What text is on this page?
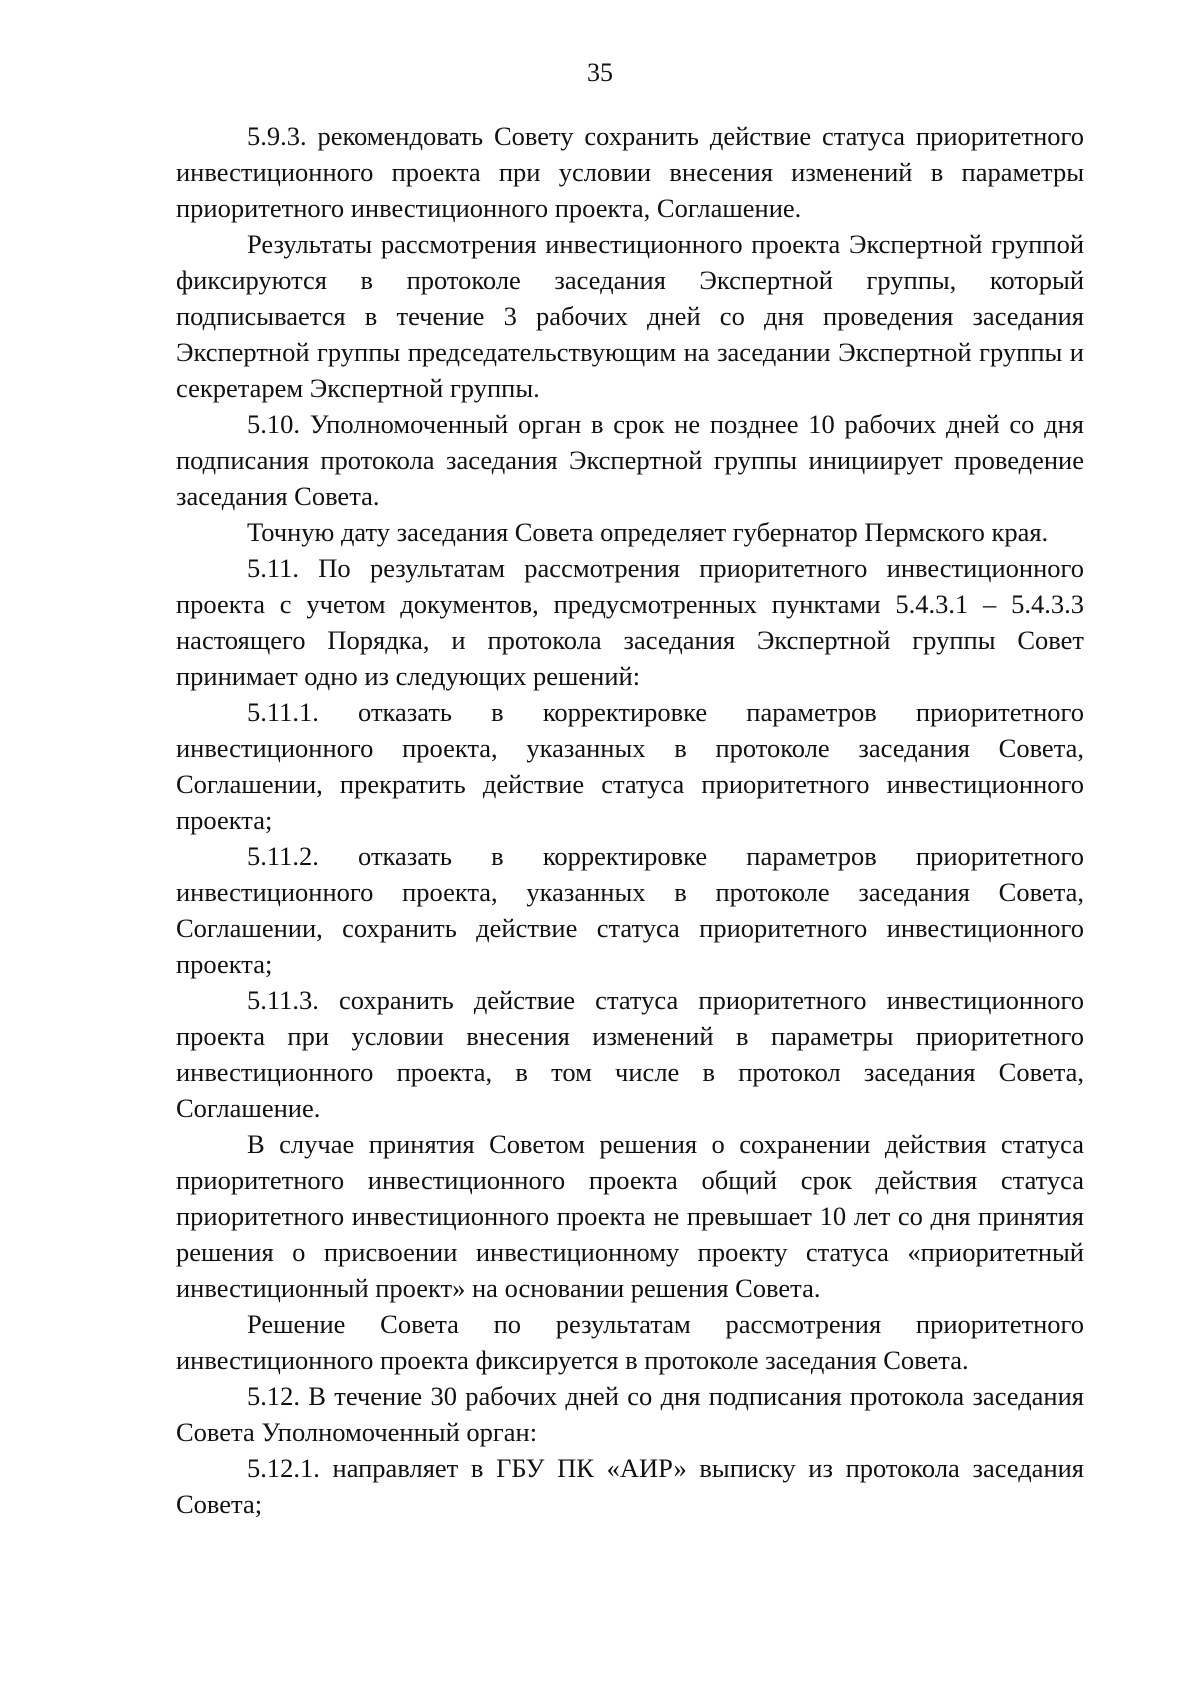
35

5.9.3. рекомендовать Совету сохранить действие статуса приоритетного инвестиционного проекта при условии внесения изменений в параметры приоритетного инвестиционного проекта, Соглашение.

Результаты рассмотрения инвестиционного проекта Экспертной группой фиксируются в протоколе заседания Экспертной группы, который подписывается в течение 3 рабочих дней со дня проведения заседания Экспертной группы председательствующим на заседании Экспертной группы и секретарем Экспертной группы.

5.10. Уполномоченный орган в срок не позднее 10 рабочих дней со дня подписания протокола заседания Экспертной группы инициирует проведение заседания Совета.

Точную дату заседания Совета определяет губернатор Пермского края.

5.11. По результатам рассмотрения приоритетного инвестиционного проекта с учетом документов, предусмотренных пунктами 5.4.3.1 – 5.4.3.3 настоящего Порядка, и протокола заседания Экспертной группы Совет принимает одно из следующих решений:

5.11.1. отказать в корректировке параметров приоритетного инвестиционного проекта, указанных в протоколе заседания Совета, Соглашении, прекратить действие статуса приоритетного инвестиционного проекта;

5.11.2. отказать в корректировке параметров приоритетного инвестиционного проекта, указанных в протоколе заседания Совета, Соглашении, сохранить действие статуса приоритетного инвестиционного проекта;

5.11.3. сохранить действие статуса приоритетного инвестиционного проекта при условии внесения изменений в параметры приоритетного инвестиционного проекта, в том числе в протокол заседания Совета, Соглашение.

В случае принятия Советом решения о сохранении действия статуса приоритетного инвестиционного проекта общий срок действия статуса приоритетного инвестиционного проекта не превышает 10 лет со дня принятия решения о присвоении инвестиционному проекту статуса «приоритетный инвестиционный проект» на основании решения Совета.

Решение Совета по результатам рассмотрения приоритетного инвестиционного проекта фиксируется в протоколе заседания Совета.

5.12. В течение 30 рабочих дней со дня подписания протокола заседания Совета Уполномоченный орган:

5.12.1. направляет в ГБУ ПК «АИР» выписку из протокола заседания Совета;
